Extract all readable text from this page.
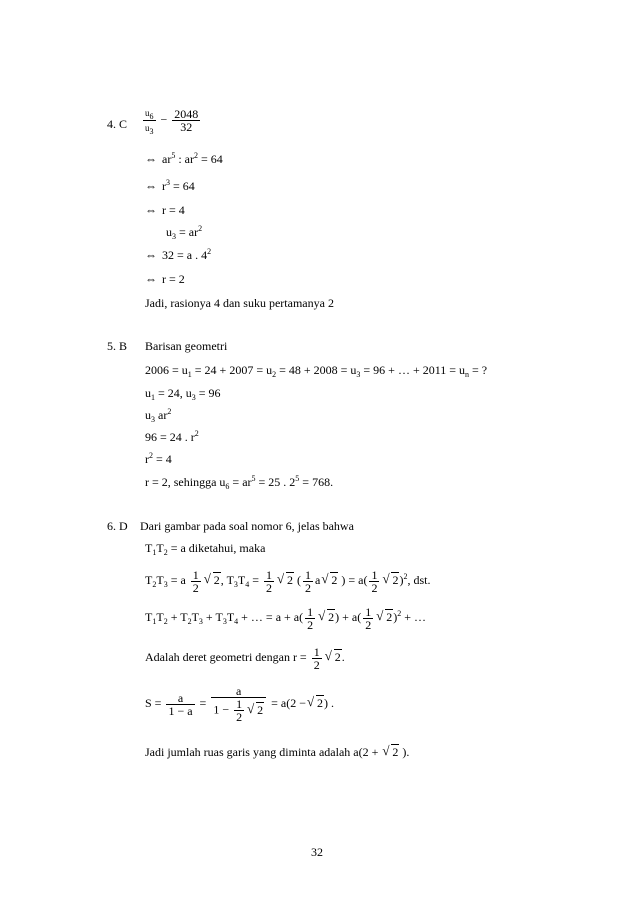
4. C $\frac{u_6}{u_3} - \frac{2048}{32}$
⇔ $ar^5$ : $ar^2 = 64$
⇔ $r^3 = 64$
⇔ r = 4
$u_3 = ar^2$
⇔ 32 = a . $4^2$
⇔ r = 2
Jadi, rasionya 4 dan suku pertamanya 2
5. B Barisan geometri
$2006 = u_1 = 24 + 2007 = u_2 = 48 + 2008 = u_3 = 96$ + … + $2011 = u_n$ = ?
$u_1 = 24$, $u_3 = 96$
$u_3$ $ar^2$
96 = 24 . $r^2$
$r^2 = 4$
r = 2, sehingga $u_6 = ar^5 = 25$ . $2^5 = 768$.
6. D Dari gambar pada soal nomor 6, jelas bahwa
$T_1T_2 = a$ diketahui, maka
$T_2T_3 = a \frac{1}{2}$
√ 2, $T_3T_4 = \frac{1}{2}$
√ 2 ( $\frac{1}{2} a√$ 2 ) = $a( \frac{1}{2}$
√ 2)$^2$, dst.
$T_1T_2 + T_2T_3 + T_3T_4$ + … = $a + a( \frac{1}{2}$
√ $2) + a( \frac{1}{2}$
√ 2)$^2$ + …
Adalah deret geometri dengan $r = \frac{1}{2}$
√ 2.
$S = \frac{a}{1 - a} = a$
$1 - \frac{1}{2}$
√ 2 = a(2 −√ 2) .
Jadi jumlah ruas garis yang diminta adalah a(2 + √ 2 ).
32
